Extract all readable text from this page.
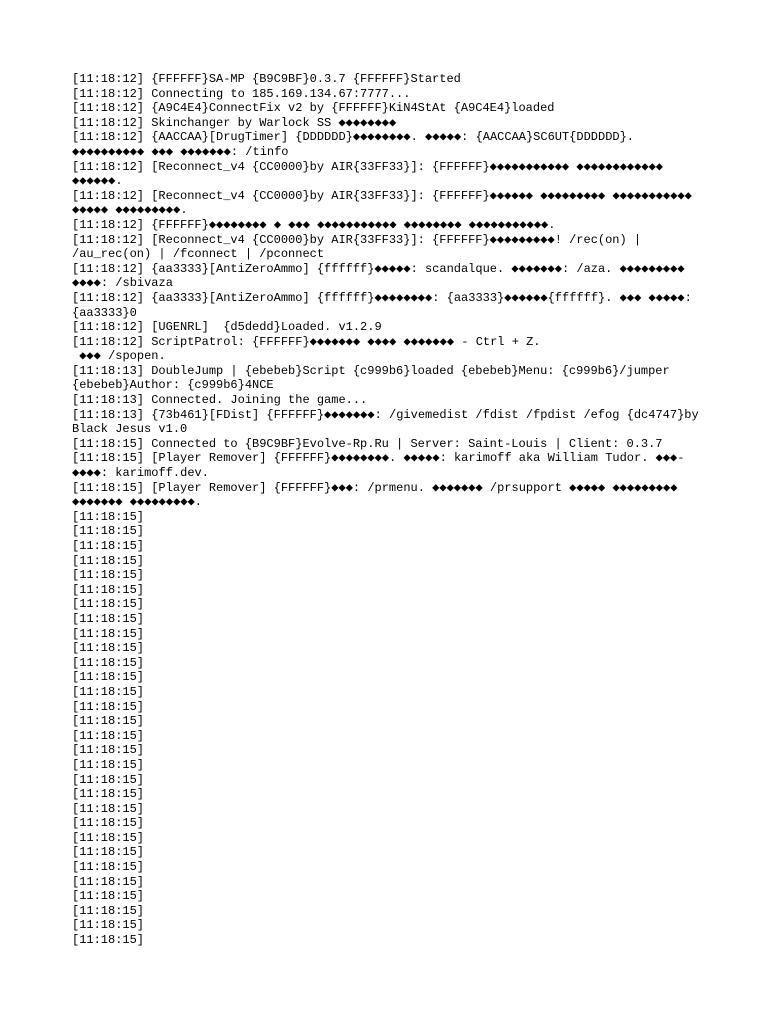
[11:18:12] {FFFFFF}SA-MP {B9C9BF}0.3.7 {FFFFFF}Started
[11:18:12] Connecting to 185.169.134.67:7777...
[11:18:12] {A9C4E4}ConnectFix v2 by {FFFFFF}KiN4StAt {A9C4E4}loaded
[11:18:12] Skinchanger by Warlock SS ◆◆◆◆◆◆◆◆
[11:18:12] {AACCAA}[DrugTimer] {DDDDDD}◆◆◆◆◆◆◆◆. ◆◆◆◆◆: {AACCAA}SC6UT{DDDDDD}. ◆◆◆◆◆◆◆◆◆◆ ◆◆◆ ◆◆◆◆◆◆◆: /tinfo
[11:18:12] [Reconnect_v4 {CC0000}by AIR{33FF33}]: {FFFFFF}◆◆◆◆◆◆◆◆◆◆◆ ◆◆◆◆◆◆◆◆◆◆◆◆ ◆◆◆◆◆◆.
[11:18:12] [Reconnect_v4 {CC0000}by AIR{33FF33}]: {FFFFFF}◆◆◆◆◆◆ ◆◆◆◆◆◆◆◆◆ ◆◆◆◆◆◆◆◆◆◆◆ ◆◆◆◆◆ ◆◆◆◆◆◆◆◆◆.
[11:18:12] {FFFFFF}◆◆◆◆◆◆◆◆ ◆ ◆◆◆ ◆◆◆◆◆◆◆◆◆◆◆ ◆◆◆◆◆◆◆◆ ◆◆◆◆◆◆◆◆◆◆◆.
[11:18:12] [Reconnect_v4 {CC0000}by AIR{33FF33}]: {FFFFFF}◆◆◆◆◆◆◆◆◆! /rec(on) | /au_rec(on) | /fconnect | /pconnect
[11:18:12] {aa3333}[AntiZeroAmmo] {ffffff}◆◆◆◆◆: scandalque. ◆◆◆◆◆◆◆: /aza. ◆◆◆◆◆◆◆◆◆ ◆◆◆◆: /sbivaza
[11:18:12] {aa3333}[AntiZeroAmmo] {ffffff}◆◆◆◆◆◆◆◆: {aa3333}◆◆◆◆◆◆{ffffff}. ◆◆◆ ◆◆◆◆◆: {aa3333}0
[11:18:12] [UGENRL]  {d5dedd}Loaded. v1.2.9
[11:18:12] ScriptPatrol: {FFFFFF}◆◆◆◆◆◆◆ ◆◆◆◆ ◆◆◆◆◆◆◆ - Ctrl + Z.
◆◆◆ /spopen.
[11:18:13] DoubleJump | {ebebeb}Script {c999b6}loaded {ebebeb}Menu: {c999b6}/jumper {ebebeb}Author: {c999b6}4NCE
[11:18:13] Connected. Joining the game...
[11:18:13] {73b461}[FDist] {FFFFFF}◆◆◆◆◆◆◆: /givemedist /fdist /fpdist /efog {dc4747}by Black Jesus v1.0
[11:18:15] Connected to {B9C9BF}Evolve-Rp.Ru | Server: Saint-Louis | Client: 0.3.7
[11:18:15] [Player Remover] {FFFFFF}◆◆◆◆◆◆◆◆. ◆◆◆◆◆: karimoff aka William Tudor. ◆◆◆-◆◆◆◆: karimoff.dev.
[11:18:15] [Player Remover] {FFFFFF}◆◆◆: /prmenu. ◆◆◆◆◆◆◆ /prsupport ◆◆◆◆◆ ◆◆◆◆◆◆◆◆◆ ◆◆◆◆◆◆◆ ◆◆◆◆◆◆◆◆◆.
[11:18:15]
[11:18:15]
[11:18:15]
[11:18:15]
[11:18:15]
[11:18:15]
[11:18:15]
[11:18:15]
[11:18:15]
[11:18:15]
[11:18:15]
[11:18:15]
[11:18:15]
[11:18:15]
[11:18:15]
[11:18:15]
[11:18:15]
[11:18:15]
[11:18:15]
[11:18:15]
[11:18:15]
[11:18:15]
[11:18:15]
[11:18:15]
[11:18:15]
[11:18:15]
[11:18:15]
[11:18:15]
[11:18:15]
[11:18:15]
